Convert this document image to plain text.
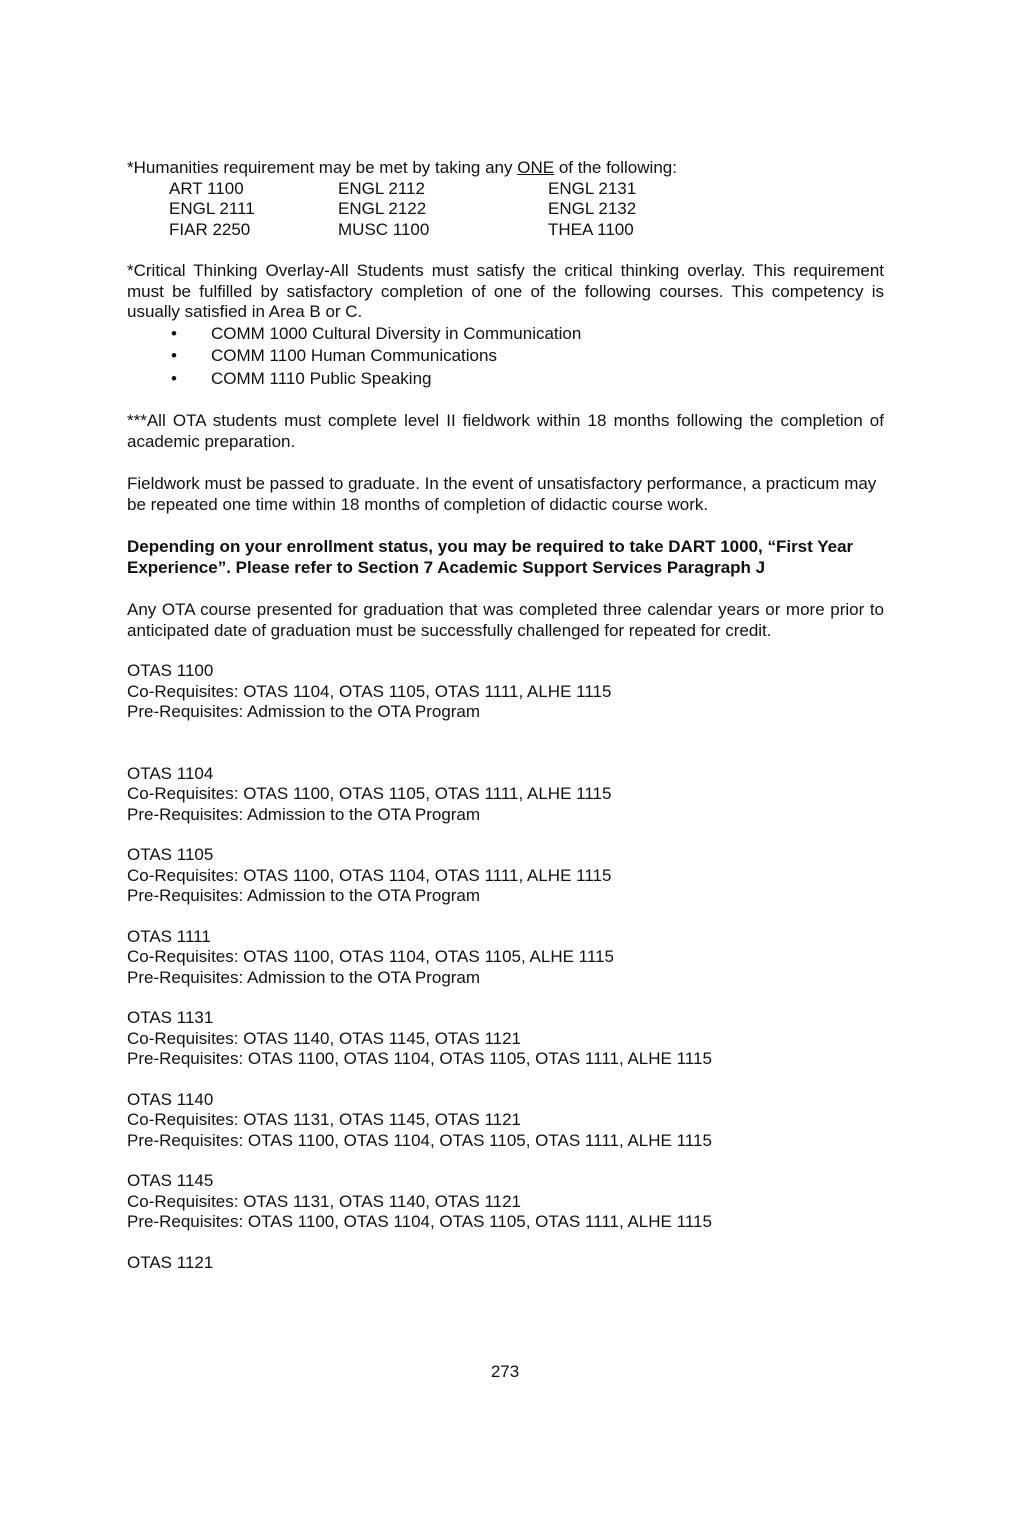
*Humanities requirement may be met by taking any ONE of the following:

ART 1100	ENGL 2112	ENGL 2131
ENGL 2111	ENGL 2122	ENGL 2132
FIAR 2250	MUSC 1100	THEA 1100

*Critical Thinking Overlay-All Students must satisfy the critical thinking overlay. This requirement must be fulfilled by satisfactory completion of one of the following courses. This competency is usually satisfied in Area B or C.

• COMM 1000 Cultural Diversity in Communication
• COMM 1100 Human Communications
• COMM 1110 Public Speaking

***All OTA students must complete level II fieldwork within 18 months following the completion of academic preparation.

Fieldwork must be passed to graduate. In the event of unsatisfactory performance, a practicum may be repeated one time within 18 months of completion of didactic course work.

Depending on your enrollment status, you may be required to take DART 1000, “First Year Experience”. Please refer to Section 7 Academic Support Services Paragraph J

Any OTA course presented for graduation that was completed three calendar years or more prior to anticipated date of graduation must be successfully challenged for repeated for credit.

OTAS 1100

Co-Requisites: OTAS 1104, OTAS 1105, OTAS 1111, ALHE 1115

Pre-Requisites: Admission to the OTA Program

OTAS 1104

Co-Requisites: OTAS 1100, OTAS 1105, OTAS 1111, ALHE 1115

Pre-Requisites: Admission to the OTA Program

OTAS 1105

Co-Requisites: OTAS 1100, OTAS 1104, OTAS 1111, ALHE 1115

Pre-Requisites: Admission to the OTA Program

OTAS 1111

Co-Requisites: OTAS 1100, OTAS 1104, OTAS 1105, ALHE 1115

Pre-Requisites: Admission to the OTA Program

OTAS 1131

Co-Requisites: OTAS 1140, OTAS 1145, OTAS 1121

Pre-Requisites: OTAS 1100, OTAS 1104, OTAS 1105, OTAS 1111, ALHE 1115

OTAS 1140

Co-Requisites: OTAS 1131, OTAS 1145, OTAS 1121

Pre-Requisites: OTAS 1100, OTAS 1104, OTAS 1105, OTAS 1111, ALHE 1115

OTAS 1145

Co-Requisites: OTAS 1131, OTAS 1140, OTAS 1121

Pre-Requisites: OTAS 1100, OTAS 1104, OTAS 1105, OTAS 1111, ALHE 1115

OTAS 1121

273
